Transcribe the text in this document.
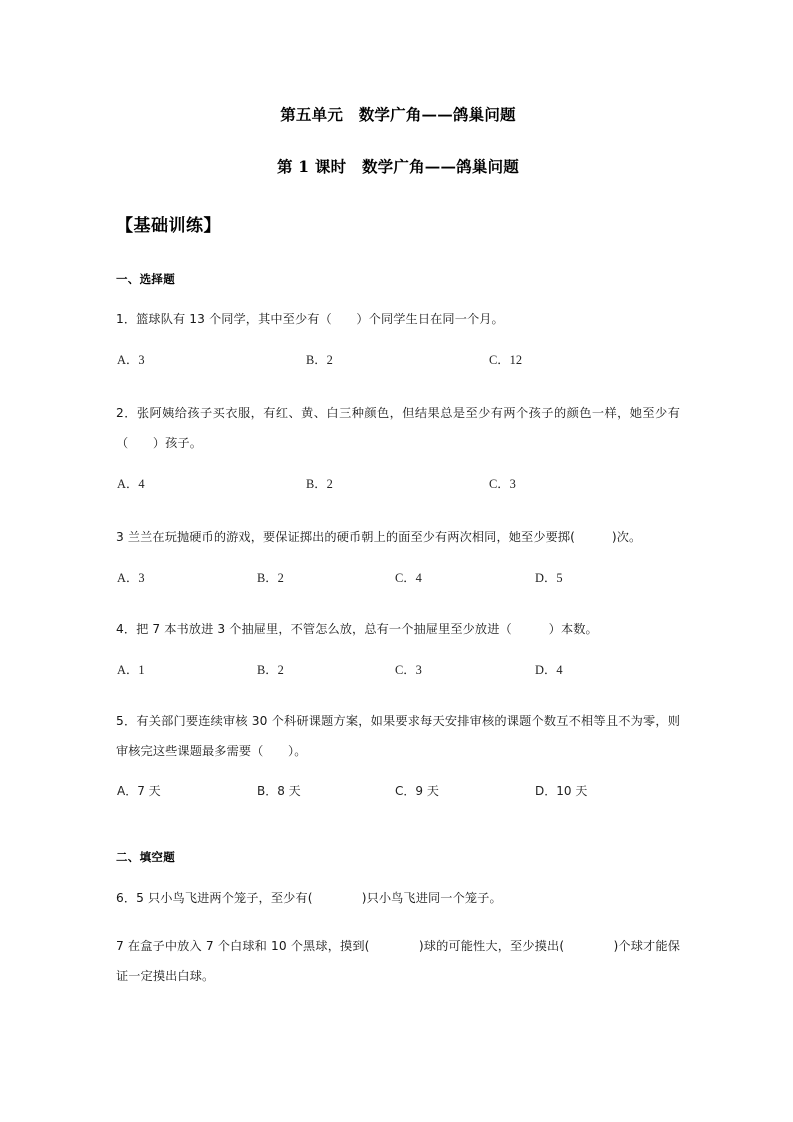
第五单元　数学广角——鸽巢问题
第 1 课时　数学广角——鸽巢问题
【基础训练】
一、选择题
1．篮球队有 13 个同学，其中至少有（　　）个同学生日在同一个月。

A．3

	B．2

	C．12

2．张阿姨给孩子买衣服，有红、黄、白三种颜色，但结果总是至少有两个孩子的颜色一样，她至少有（　　）孩子。

A．4

	B．2

	C．3

3 兰兰在玩抛硬币的游戏，要保证掷出的硬币朝上的面至少有两次相同，她至少要掷(　　　)次。

A．3

	B．2

	C．4

	D．5

4．把 7 本书放进 3 个抽屉里，不管怎么放，总有一个抽屉里至少放进（　　　）本数。

A．1

	B．2

	C．3

	D．4

5．有关部门要连续审核 30 个科研课题方案，如果要求每天安排审核的课题个数互不相等且不为零，则审核完这些课题最多需要（　　）。

A．7 天

	B．8 天

	C．9 天

	D．10 天

二、填空题
6．5 只小鸟飞进两个笼子，至少有(　　　　)只小鸟飞进同一个笼子。
7 在盒子中放入 7 个白球和 10 个黑球，摸到(　　　　)球的可能性大，至少摸出(　　　　)个球才能保证一定摸出白球。
